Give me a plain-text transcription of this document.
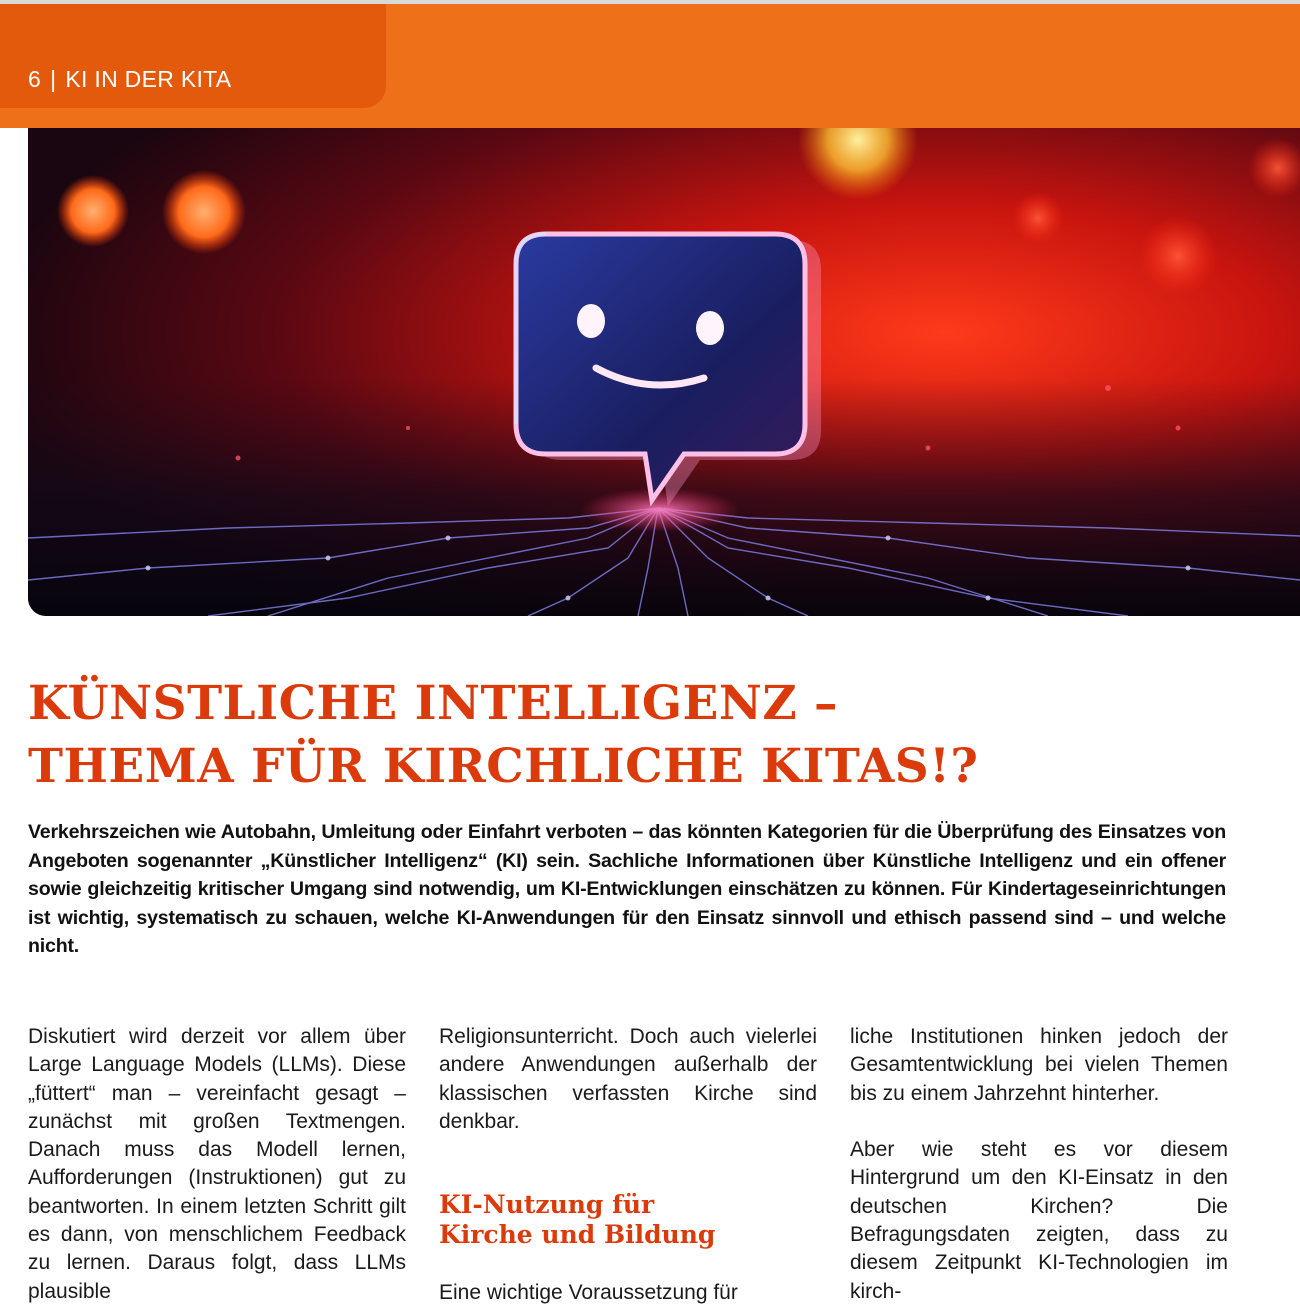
6 | KI IN DER KITA
KÜNSTLICHE INTELLIGENZ –
THEMA FÜR KIRCHLICHE KITAS!?

Verkehrszeichen wie Autobahn, Umleitung oder Einfahrt verboten – das könnten Kategorien für die Überprüfung des Einsatzes von Angeboten sogenannter „Künstlicher Intelligenz“ (KI) sein. Sachliche Informationen über Künstliche Intelligenz und ein offener sowie gleichzeitig kritischer Umgang sind notwendig, um KI-Entwicklungen einschätzen zu können. Für Kindertageseinrichtungen ist wichtig, systematisch zu schauen, welche KI-Anwendungen für den Einsatz sinnvoll und ethisch passend sind – und welche nicht.

Diskutiert wird derzeit vor allem über Large Language Models (LLMs). Diese „füttert“ man – vereinfacht gesagt – zunächst mit großen Textmengen. Danach muss das Modell lernen, Aufforderungen (Instruktionen) gut zu beantworten. In einem letzten Schritt gilt es dann, von menschlichem Feedback zu lernen. Daraus folgt, dass LLMs plausible

Religionsunterricht. Doch auch vielerlei andere Anwendungen außerhalb der klassischen verfassten Kirche sind denkbar.

KI-Nutzung für
Kirche und Bildung

Eine wichtige Voraussetzung für

liche Institutionen hinken jedoch der Gesamtentwicklung bei vielen Themen bis zu einem Jahrzehnt hinterher.

Aber wie steht es vor diesem Hintergrund um den KI-Einsatz in den deutschen Kirchen? Die Befragungsdaten zeigten, dass zu diesem Zeitpunkt KI-Technologien im kirch-
